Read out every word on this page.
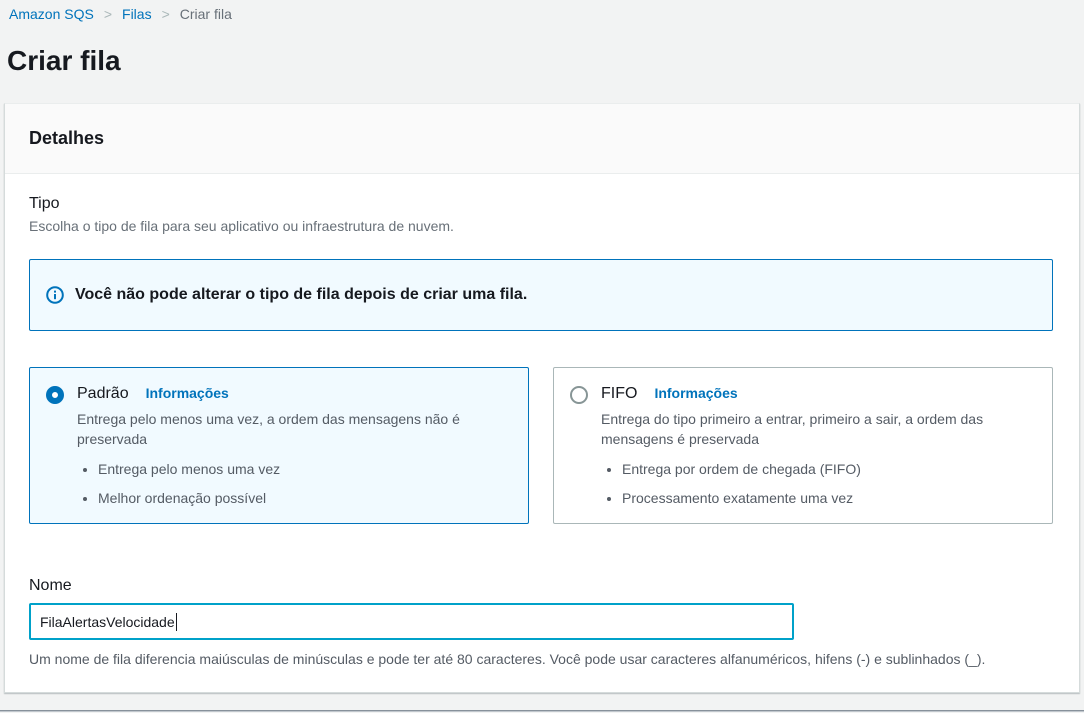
Amazon SQS > Filas > Criar fila
Criar fila
Detalhes
Tipo
Escolha o tipo de fila para seu aplicativo ou infraestrutura de nuvem.
Você não pode alterar o tipo de fila depois de criar uma fila.
Padrão Informações
Entrega pelo menos uma vez, a ordem das mensagens não é preservada
• Entrega pelo menos uma vez
• Melhor ordenação possível
FIFO Informações
Entrega do tipo primeiro a entrar, primeiro a sair, a ordem das mensagens é preservada
• Entrega por ordem de chegada (FIFO)
• Processamento exatamente uma vez
Nome
FilaAlertasVelocidade
Um nome de fila diferencia maiúsculas de minúsculas e pode ter até 80 caracteres. Você pode usar caracteres alfanuméricos, hifens (-) e sublinhados (_).
